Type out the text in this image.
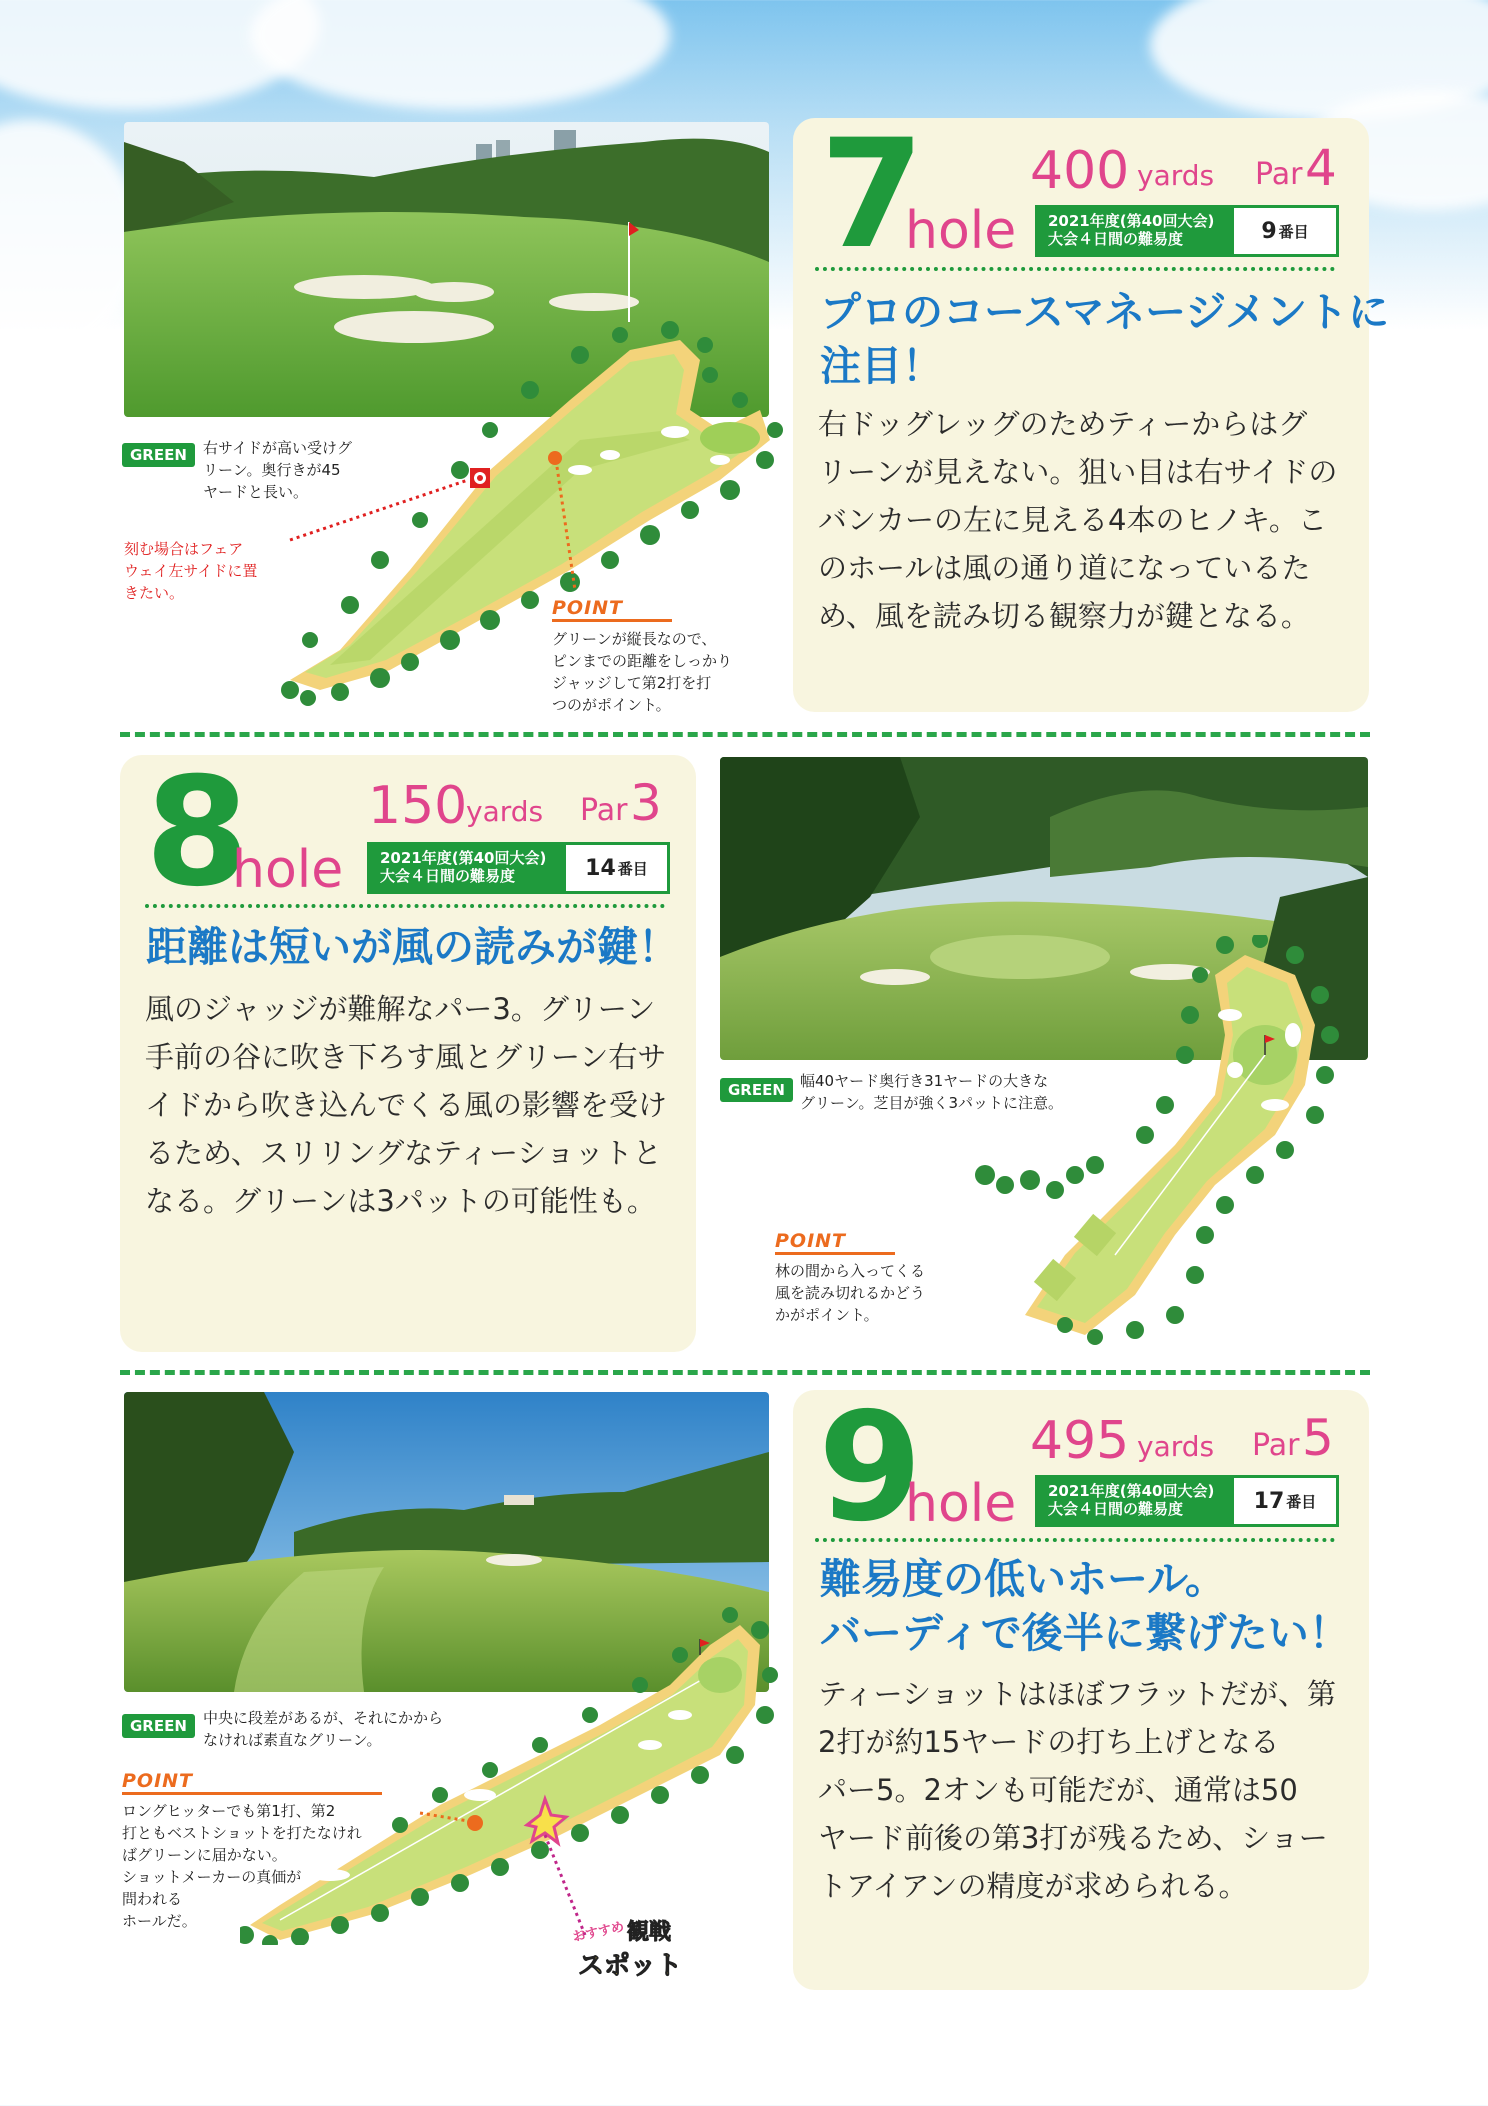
7
hole
400 yards Par 4
2021年度(第40回大会)
大会４日間の難易度	9 番目
プロのコースマネージメントに
注目！
右ドッグレッグのためティーからはグ
リーンが見えない。狙い目は右サイドの
バンカーの左に見える4本のヒノキ。こ
のホールは風の通り道になっているた
め、風を読み切る観察力が鍵となる。
GREEN	右サイドが高い受けグ
リーン。奥行きが45
ヤードと長い。
刻む場合はフェア
ウェイ左サイドに置
きたい。
POINT
グリーンが縦長なので、
ピンまでの距離をしっかり
ジャッジして第2打を打
つのがポイント。
8
hole
150
yards Par 3
2021年度(第40回大会)
大会４日間の難易度	14 番目
距離は短いが風の読みが鍵！
風のジャッジが難解なパー3。グリーン
手前の谷に吹き下ろす風とグリーン右サ
イドから吹き込んでくる風の影響を受け
るため、スリリングなティーショットと
なる。グリーンは3パットの可能性も。
GREEN	幅40ヤード奥行き31ヤードの大きな
グリーン。芝目が強く3パットに注意。
POINT
林の間から入ってくる
風を読み切れるかどう
かがポイント。
おすすめ 観戦
スポット
GREEN	中央に段差があるが、それにかから
なければ素直なグリーン。
POINT
ロングヒッターでも第1打、第2
打ともベストショットを打たなけれ
ばグリーンに届かない。
ショットメーカーの真価が
問われる
ホールだ。
9
hole
495 yards Par 5
2021年度(第40回大会)
大会４日間の難易度	17 番目
難易度の低いホール。
バーディで後半に繋げたい！
ティーショットはほぼフラットだが、第
2打が約15ヤードの打ち上げとなる
パー5。2オンも可能だが、通常は50
ヤード前後の第3打が残るため、ショー
トアイアンの精度が求められる。
